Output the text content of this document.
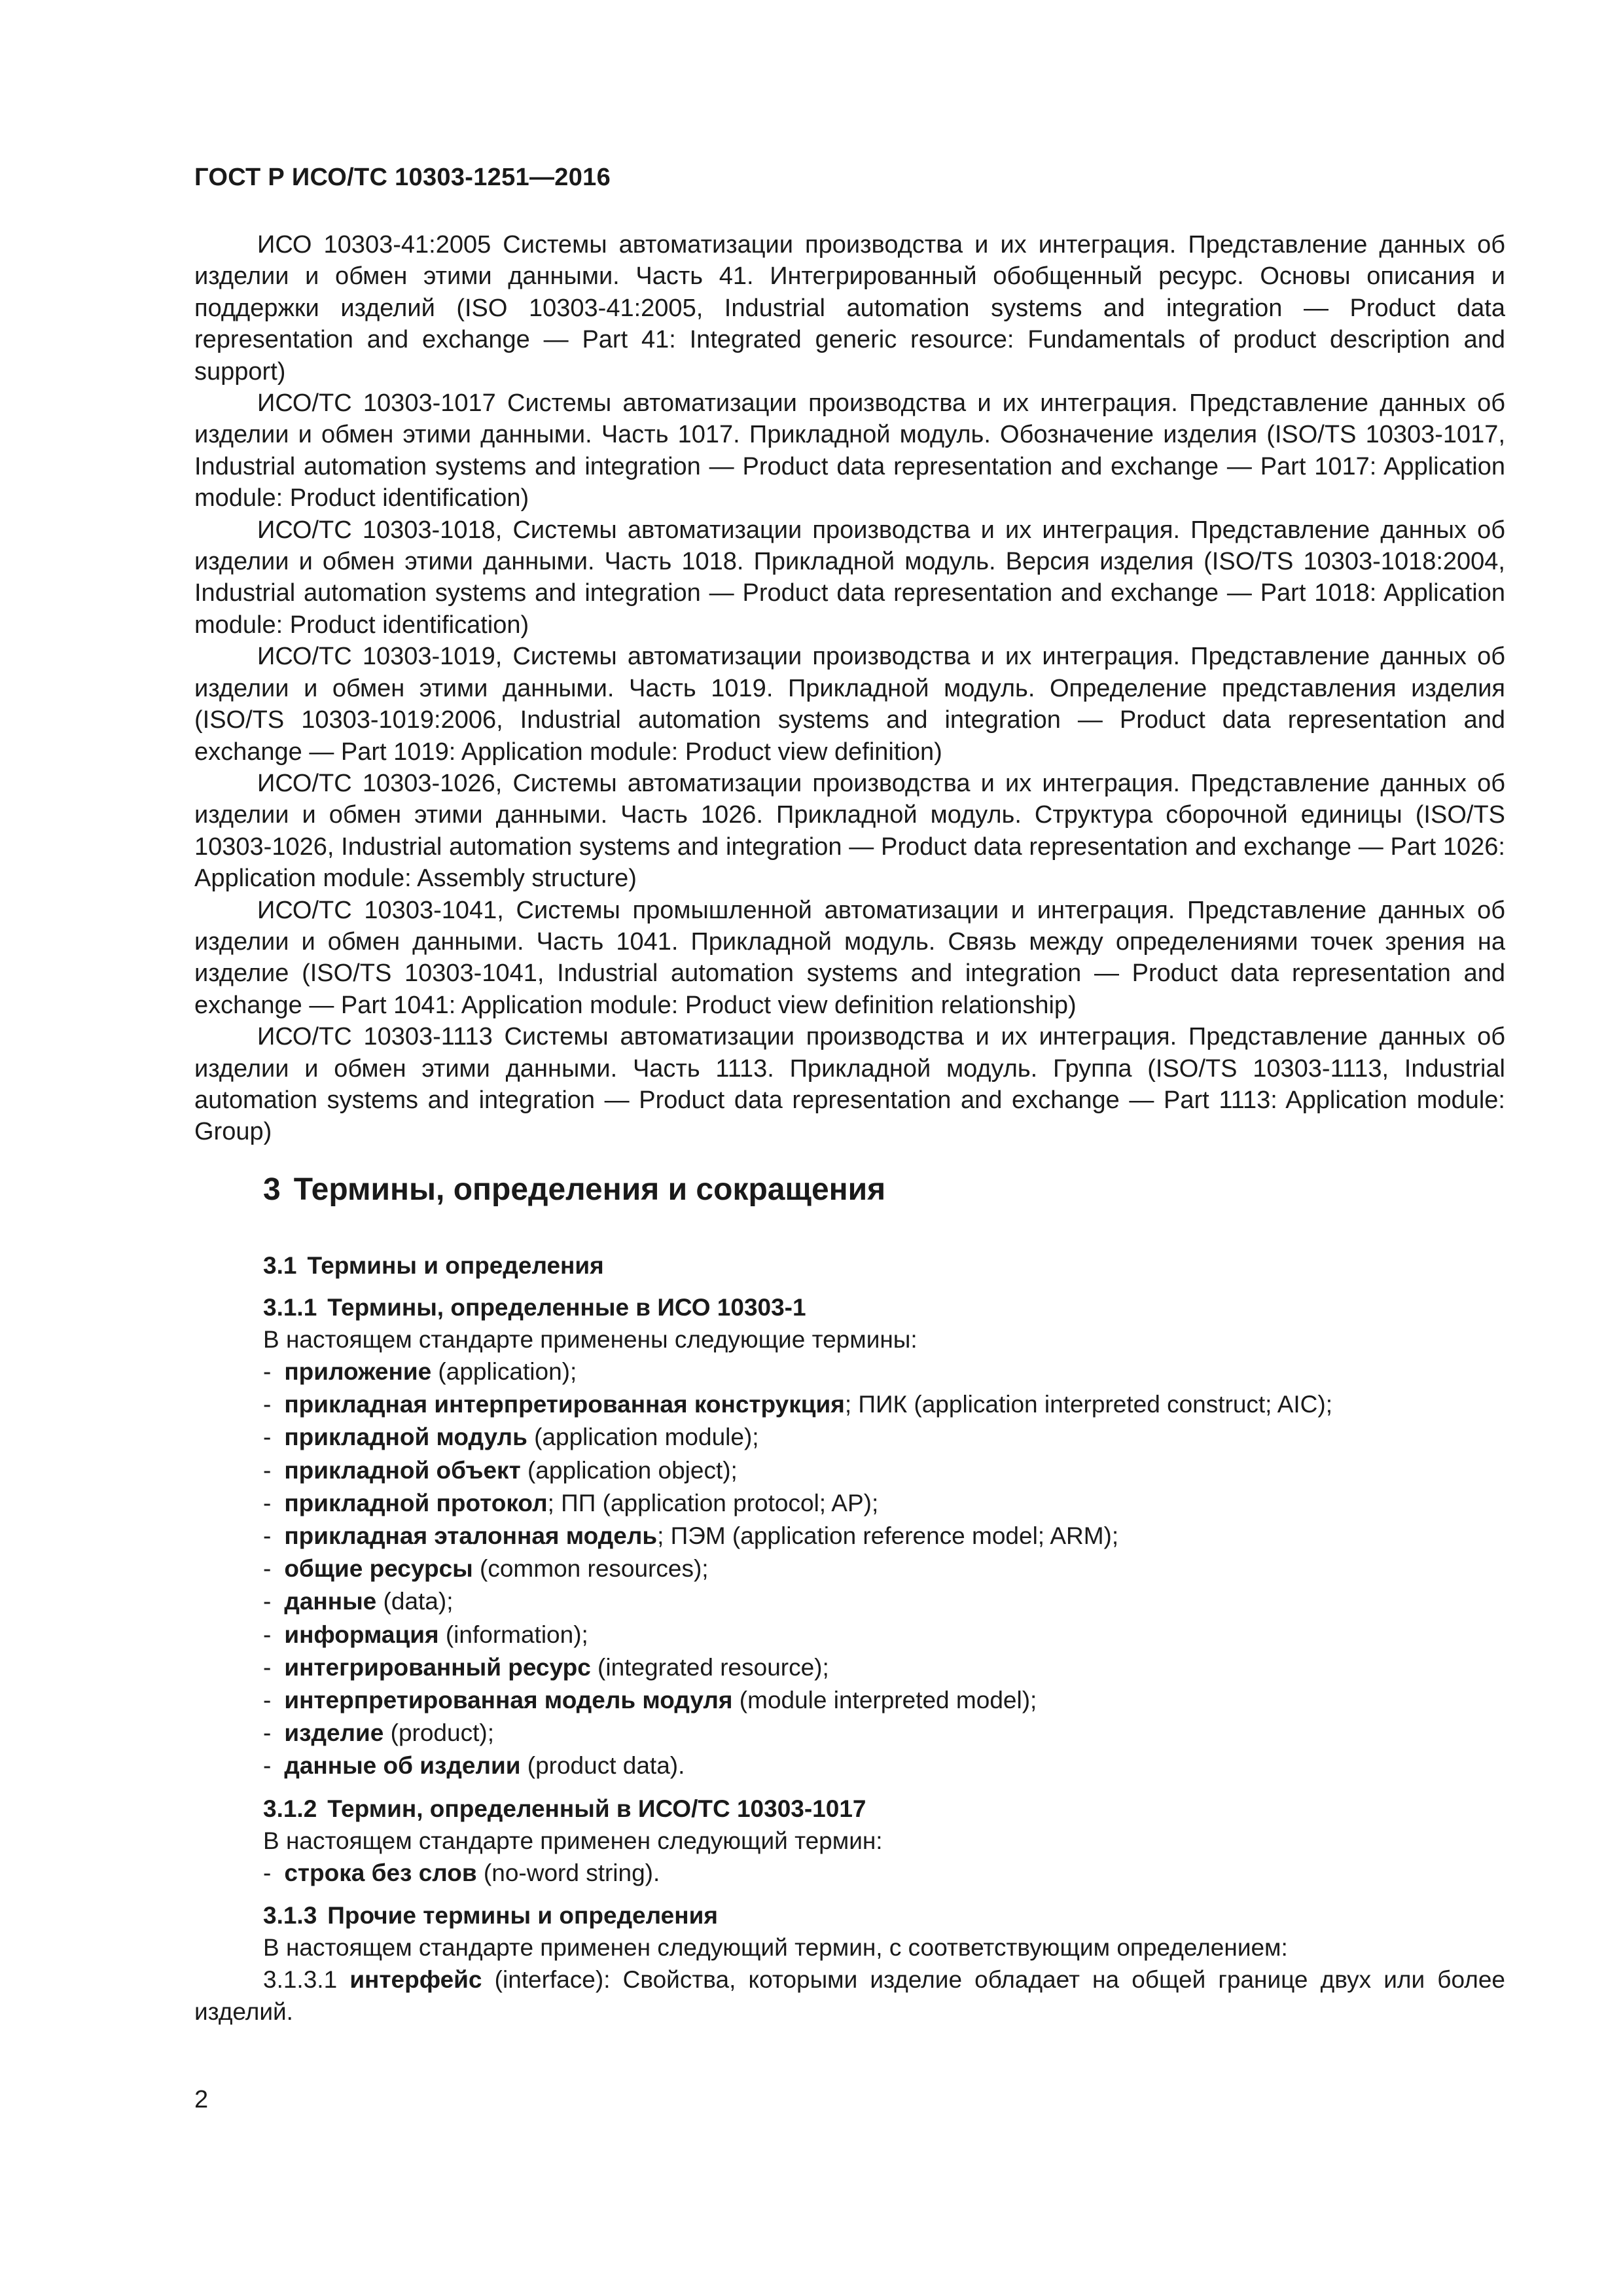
ГОСТ Р ИСО/ТС 10303-1251—2016

ИСО 10303-41:2005 Системы автоматизации производства и их интеграция. Представление данных об изделии и обмен этими данными. Часть 41. Интегрированный обобщенный ресурс. Основы описания и поддержки изделий (ISO 10303-41:2005, Industrial automation systems and integration — Product data representation and exchange — Part 41: Integrated generic resource: Fundamentals of product description and support)

ИСО/ТС 10303-1017 Системы автоматизации производства и их интеграция. Представление данных об изделии и обмен этими данными. Часть 1017. Прикладной модуль. Обозначение изделия (ISO/TS 10303-1017, Industrial automation systems and integration — Product data representation and exchange — Part 1017: Application module: Product identification)

ИСО/ТС 10303-1018, Системы автоматизации производства и их интеграция. Представление данных об изделии и обмен этими данными. Часть 1018. Прикладной модуль. Версия изделия (ISO/TS 10303-1018:2004, Industrial automation systems and integration — Product data representation and exchange — Part 1018: Application module: Product identification)

ИСО/ТС 10303-1019, Системы автоматизации производства и их интеграция. Представление данных об изделии и обмен этими данными. Часть 1019. Прикладной модуль. Определение представления изделия (ISO/TS 10303-1019:2006, Industrial automation systems and integration — Product data representation and exchange — Part 1019: Application module: Product view definition)

ИСО/ТС 10303-1026, Системы автоматизации производства и их интеграция. Представление данных об изделии и обмен этими данными. Часть 1026. Прикладной модуль. Структура сборочной единицы (ISO/TS 10303-1026, Industrial automation systems and integration — Product data representation and exchange — Part 1026: Application module: Assembly structure)

ИСО/ТС 10303-1041, Системы промышленной автоматизации и интеграция. Представление данных об изделии и обмен данными. Часть 1041. Прикладной модуль. Связь между определениями точек зрения на изделие (ISO/TS 10303-1041, Industrial automation systems and integration — Product data representation and exchange — Part 1041: Application module: Product view definition relationship)

ИСО/ТС 10303-1113 Системы автоматизации производства и их интеграция. Представление данных об изделии и обмен этими данными. Часть 1113. Прикладной модуль. Группа (ISO/TS 10303-1113, Industrial automation systems and integration — Product data representation and exchange — Part 1113: Application module: Group)

3 Термины, определения и сокращения

3.1 Термины и определения

3.1.1 Термины, определенные в ИСО 10303-1

В настоящем стандарте применены следующие термины:

- приложение (application);
- прикладная интерпретированная конструкция; ПИК (application interpreted construct; AIC);
- прикладной модуль (application module);
- прикладной объект (application object);
- прикладной протокол; ПП (application protocol; AP);
- прикладная эталонная модель; ПЭМ (application reference model; ARM);
- общие ресурсы (common resources);
- данные (data);
- информация (information);
- интегрированный ресурс (integrated resource);
- интерпретированная модель модуля (module interpreted model);
- изделие (product);
- данные об изделии (product data).

3.1.2 Термин, определенный в ИСО/ТС 10303-1017

В настоящем стандарте применен следующий термин:

- строка без слов (no-word string).

3.1.3 Прочие термины и определения

В настоящем стандарте применен следующий термин, с соответствующим определением:

3.1.3.1 интерфейс (interface): Свойства, которыми изделие обладает на общей границе двух или более изделий.

2
